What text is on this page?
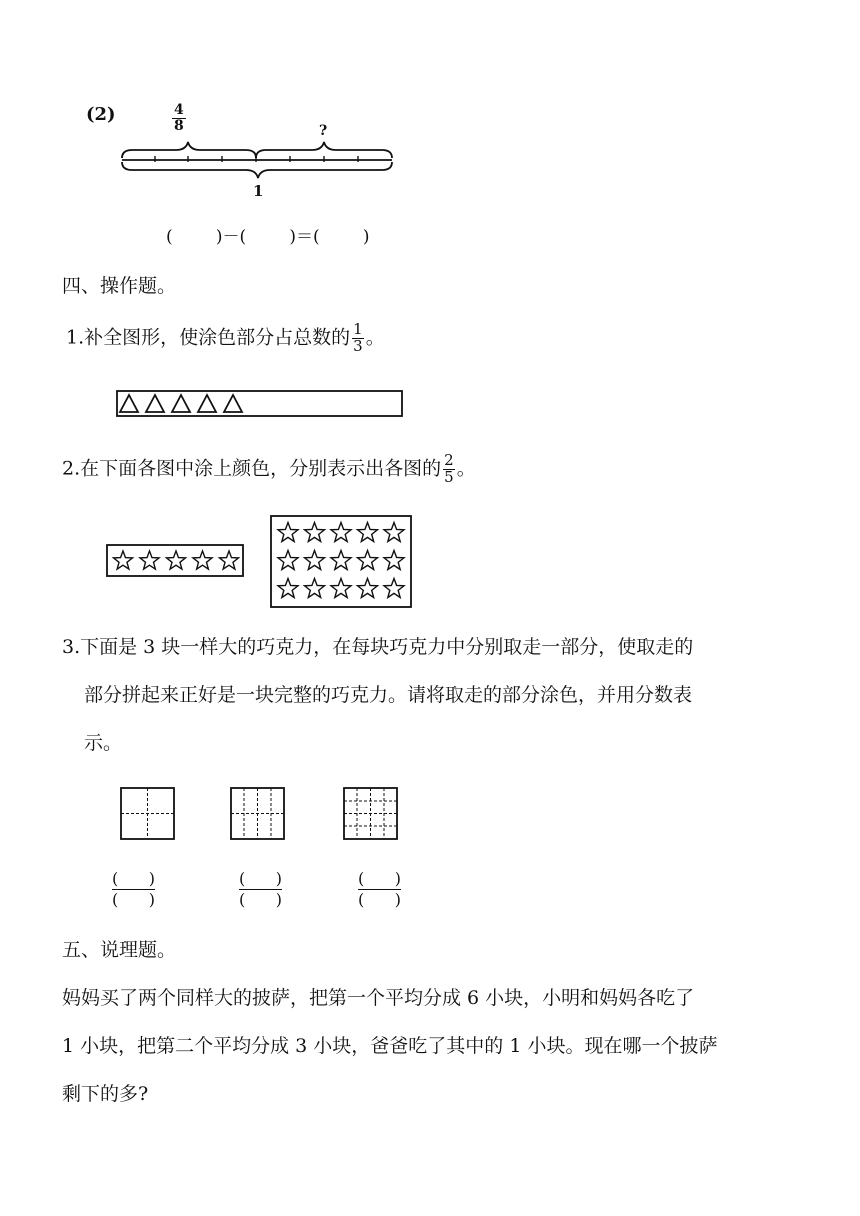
(2)	$\frac{4}{8}$	?
1
(        )－(        )＝(        )
四、操作题。
1.补全图形，使涂色部分占总数的 $\frac{1}{3}$ 。
2.在下面各图中涂上颜色，分别表示出各图的 $\frac{2}{5}$ 。
3.下面是 3 块一样大的巧克力，在每块巧克力中分别取走一部分，使取走的
部分拼起来正好是一块完整的巧克力。请将取走的部分涂色，并用分数表
示。
(      )
(      )
(      )
(      )
(      )
(      )
五、说理题。
妈妈买了两个同样大的披萨，把第一个平均分成 6 小块，小明和妈妈各吃了
1 小块，把第二个平均分成 3 小块，爸爸吃了其中的 1 小块。现在哪一个披萨
剩下的多?
